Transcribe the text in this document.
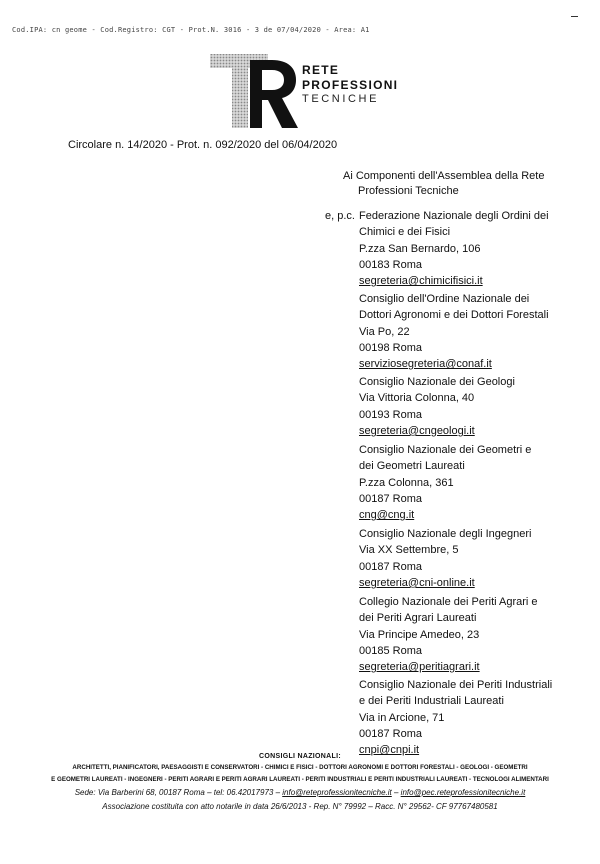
Cod.IPA: cn geome - Cod.Registro: CGT - Prot.N. 3016 - 3 de 07/04/2020 - Area: A1
RETE
PROFESSIONI
TECNICHE
Circolare n. 14/2020 - Prot. n. 092/2020 del 06/04/2020
Ai Componenti dell'Assemblea della Rete
Professioni Tecniche
e, p.c. Federazione Nazionale degli Ordini dei
Chimici e dei Fisici
P.zza San Bernardo, 106
00183 Roma
segreteria@chimicifisici.it
Consiglio dell'Ordine Nazionale dei
Dottori Agronomi e dei Dottori Forestali
Via Po, 22
00198 Roma
serviziosegreteria@conaf.it
Consiglio Nazionale dei Geologi
Via Vittoria Colonna, 40
00193 Roma
segreteria@cngeologi.it
Consiglio Nazionale dei Geometri e
dei Geometri Laureati
P.zza Colonna, 361
00187 Roma
cng@cng.it
Consiglio Nazionale degli Ingegneri
Via XX Settembre, 5
00187 Roma
segreteria@cni-online.it
Collegio Nazionale dei Periti Agrari e
dei Periti Agrari Laureati
Via Principe Amedeo, 23
00185 Roma
segreteria@peritiagrari.it
Consiglio Nazionale dei Periti Industriali
e dei Periti Industriali Laureati
Via in Arcione, 71
00187 Roma
cnpi@cnpi.it
CONSIGLI NAZIONALI:
ARCHITETTI, PIANIFICATORI, PAESAGGISTI E CONSERVATORI - CHIMICI E FISICI - DOTTORI AGRONOMI E DOTTORI FORESTALI - GEOLOGI - GEOMETRI
E GEOMETRI LAUREATI - INGEGNERI - PERITI AGRARI E PERITI AGRARI LAUREATI - PERITI INDUSTRIALI E PERITI INDUSTRIALI LAUREATI - TECNOLOGI ALIMENTARI
Sede: Via Barberini 68, 00187 Roma – tel: 06.42017973 – info@reteprofessionitecniche.it – info@pec.reteprofessionitecniche.it
Associazione costituita con atto notarile in data 26/6/2013 - Rep. N° 79992 – Racc. N° 29562- CF 97767480581
